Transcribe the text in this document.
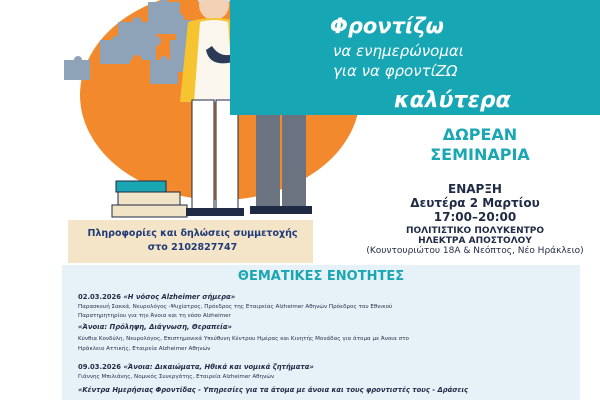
Φροντίζω
να ενημερώνομαι
για να φροντίΖΩ
καλύτερα
ΔΩΡΕΑΝ
ΣΕΜΙΝΑΡΙΑ
ΕΝΑΡΞΗ
Δευτέρα 2 Μαρτίου
17:00–20:00
ΠΟΛΙΤΙΣΤΙΚΟ ΠΟΛΥΚΕΝΤΡΟ
ΗΛΕΚΤΡΑ ΑΠΟΣΤΟΛΟΥ
(Κουντουριώτου 18Α & Νεόπτος, Νέο Ηράκλειο)
Πληροφορίες και δηλώσεις συμμετοχής
στο 2102827747
ΘΕΜΑΤΙΚΕΣ ΕΝΟΤΗΤΕΣ
02.03.2026 «Η νόσος Alzheimer σήμερα»
Παρασκευή Σακκά, Νευρολόγος -Ψυχίατρος, Πρόεδρος της Εταιρείας Alzheimer Αθηνών Πρόεδρος του Εθνικού
Παρατηρητηρίου για την Άνοια και τη νόσο Alzheimer
«Άνοια: Πρόληψη, Διάγνωση, Θεραπεία»
Κύνθια Κονδύλη, Νευρολόγος, Επιστημονικά Υπεύθυνη Κέντρου Ημέρας και Κινητής Μονάδας για άτομα με Άνοια στο
Ηράκλειο Αττικής, Εταιρεία Alzheimer Αθηνών
09.03.2026 «Άνοια: Δικαιώματα, Ηθικά και νομικά ζητήματα»
Γιάννης Μπιλιάνης, Νομικός Συνεργάτης, Εταιρεία Alzheimer Αθηνών
«Κέντρα Ημερήσιας Φροντίδας - Υπηρεσίες για τα άτομα με άνοια και τους φροντιστές τους - Δράσεις
